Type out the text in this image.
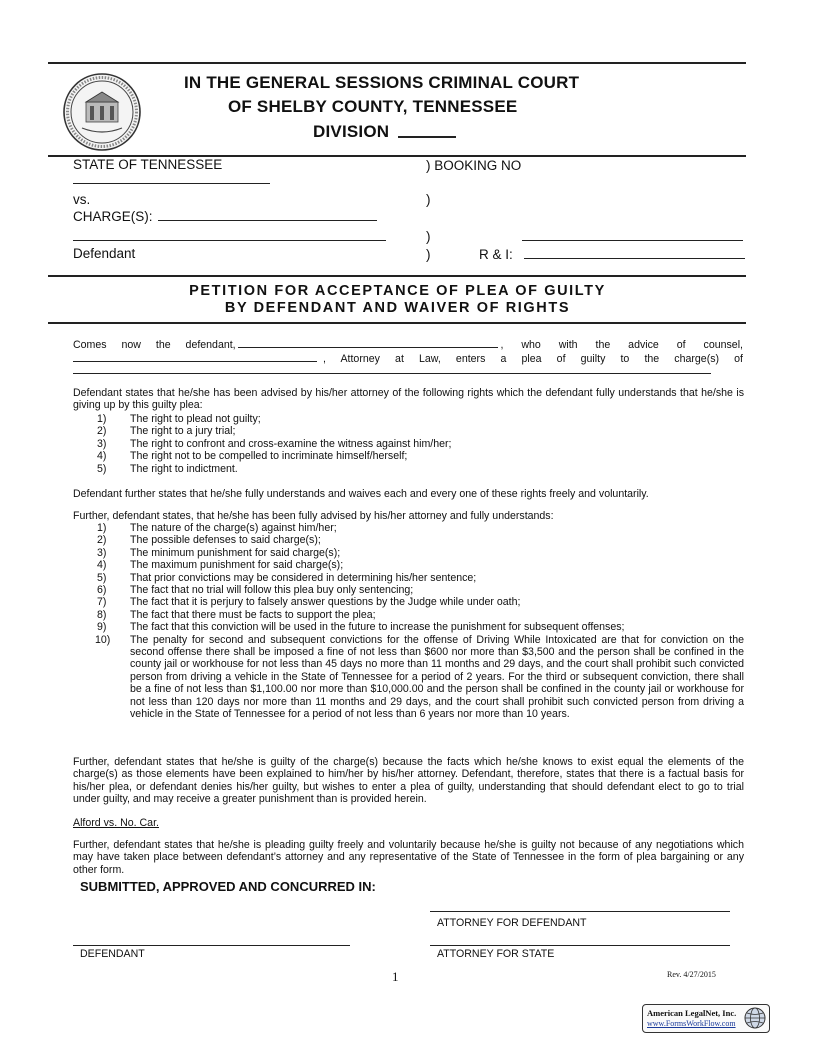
IN THE GENERAL SESSIONS CRIMINAL COURT
OF SHELBY COUNTY, TENNESSEE
DIVISION
STATE OF TENNESSEE	) BOOKING NO
vs.	)
CHARGE(S):
)
Defendant	)	R & I:
PETITION FOR ACCEPTANCE OF PLEA OF GUILTY
BY DEFENDANT AND WAIVER OF RIGHTS
Comes now the defendant,	, who with the advice of counsel,
, Attorney at Law, enters a plea of guilty to the charge(s) of
Defendant states that he/she has been advised by his/her attorney of the following rights which the defendant fully understands that he/she is giving up by this guilty plea:
1) The right to plead not guilty;
2) The right to a jury trial;
3) The right to confront and cross-examine the witness against him/her;
4) The right not to be compelled to incriminate himself/herself;
5) The right to indictment.
Defendant further states that he/she fully understands and waives each and every one of these rights freely and voluntarily.
Further, defendant states, that he/she has been fully advised by his/her attorney and fully understands:
1) The nature of the charge(s) against him/her;
2) The possible defenses to said charge(s);
3) The minimum punishment for said charge(s);
4) The maximum punishment for said charge(s);
5) That prior convictions may be considered in determining his/her sentence;
6) The fact that no trial will follow this plea buy only sentencing;
7) The fact that it is perjury to falsely answer questions by the Judge while under oath;
8) The fact that there must be facts to support the plea;
9) The fact that this conviction will be used in the future to increase the punishment for subsequent offenses;
10) The penalty for second and subsequent convictions for the offense of Driving While Intoxicated are that for conviction on the second offense there shall be imposed a fine of not less than $600 nor more than $3,500 and the person shall be confined in the county jail or workhouse for not less than 45 days no more than 11 months and 29 days, and the court shall prohibit such convicted person from driving a vehicle in the State of Tennessee for a period of 2 years. For the third or subsequent conviction, there shall be a fine of not less than $1,100.00 nor more than $10,000.00 and the person shall be confined in the county jail or workhouse for not less than 120 days nor more than 11 months and 29 days, and the court shall prohibit such convicted person from driving a vehicle in the State of Tennessee for a period of not less than 6 years nor more than 10 years.
Further, defendant states that he/she is guilty of the charge(s) because the facts which he/she knows to exist equal the elements of the charge(s) as those elements have been explained to him/her by his/her attorney. Defendant, therefore, states that there is a factual basis for his/her plea, or defendant denies his/her guilty, but wishes to enter a plea of guilty, understanding that should defendant elect to go to trial under guilty, and may receive a greater punishment than is provided herein.
Alford vs. No. Car.
Further, defendant states that he/she is pleading guilty freely and voluntarily because he/she is guilty not because of any negotiations which may have taken place between defendant’s attorney and any representative of the State of Tennessee in the form of plea bargaining or any other form.
SUBMITTED, APPROVED AND CONCURRED IN:
ATTORNEY FOR DEFENDANT
DEFENDANT	ATTORNEY FOR STATE
1	Rev. 4/27/2015
American LegalNet, Inc.
www.FormsWorkFlow.com
